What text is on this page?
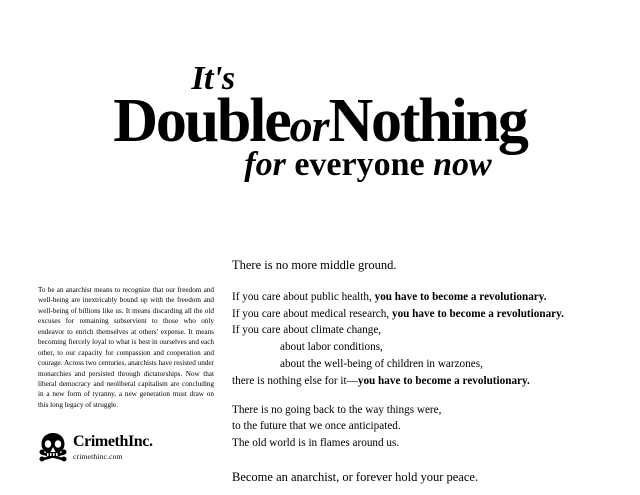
It's
DoubleorNothing
for everyone now
To be an anarchist means to recognize that our freedom and well-being are inextricably bound up with the freedom and well-being of billions like us. It means discarding all the old excuses for remaining subservient to those who only endeavor to enrich themselves at others' expense. It means becoming fiercely loyal to what is best in ourselves and each other, to our capacity for compassion and cooperation and courage. Across two centuries, anarchists have resisted under monarchies and persisted through dictatorships. Now that liberal democracy and neoliberal capitalism are concluding in a new form of tyranny, a new generation must draw on this long legacy of struggle.
CrimethInc.
crimethinc.com
There is no more middle ground.

If you care about public health, you have to become a revolutionary.

If you care about medical research, you have to become a revolutionary.

If you care about climate change,

about labor conditions,

about the well-being of children in warzones,

there is nothing else for it—you have to become a revolutionary.

There is no going back to the way things were,

to the future that we once anticipated.

The old world is in flames around us.

Become an anarchist, or forever hold your peace.
